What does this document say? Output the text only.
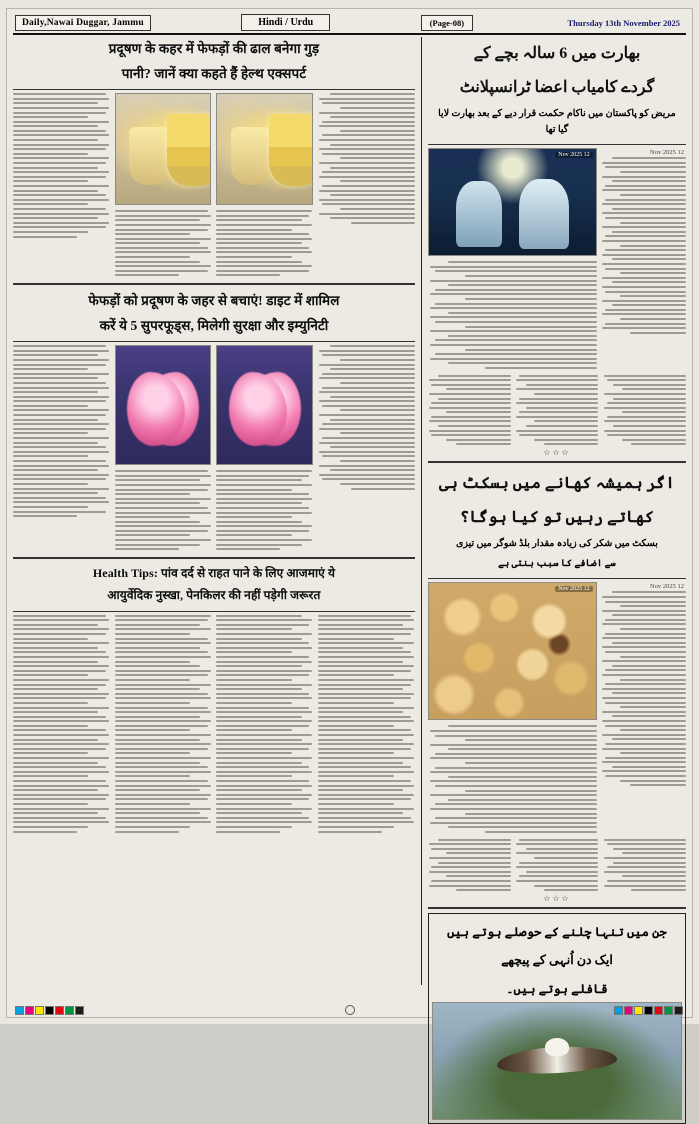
Daily,Nawai Duggar, Jammu	Hindi / Urdu	(Page-08)	Thursday 13th November 2025
प्रदूषण के कहर में फेफड़ों की ढाल बनेगा गुड़
पानी? जानें क्या कहते हैं हेल्थ एक्सपर्ट
फेफड़ों को प्रदूषण के जहर से बचाएं! डाइट में शामिल
करें ये 5 सुपरफूड्स, मिलेगी सुरक्षा और इम्युनिटी
Health Tips: पांव दर्द से राहत पाने के लिए आजमाएं ये
आयुर्वेदिक नुस्खा, पेनकिलर की नहीं पड़ेगी जरूरत
بھارت میں 6 سالہ بچے کے
گردے کامیاب اعضا ٹرانسپلانٹ
مریض کو پاکستان میں ناکام حکمت قرار دیے کے بعد بھارت لایا گیا تھا
12 Nov 2025	12 Nov 2025
☆☆☆
اگر ہمیشہ کھانے میں بسکٹ ہی
کھاتے رہیں تو کیا ہوگا؟
بسکٹ میں شکر کی زیادہ مقدار بلڈ شوگر میں تیزی
سے اضافے کا سبب بنتی ہے
12 Nov 2025	12 Nov 2025
☆☆☆
جن میں تنہا چلنے کے حوصلے ہوتے ہیں
ایک دن اُنہی کے پیچھے
قافلے ہوتے ہیں۔
